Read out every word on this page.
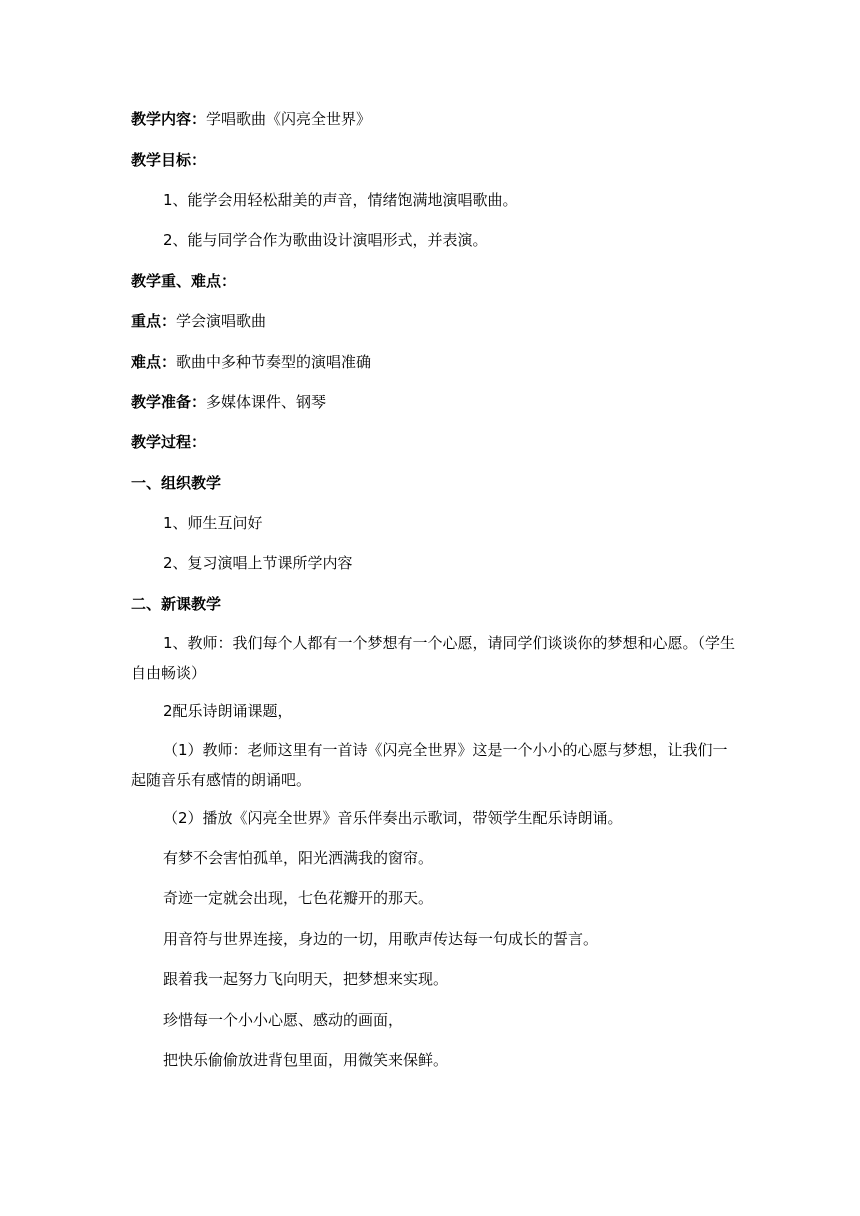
教学内容：学唱歌曲《闪亮全世界》
教学目标：
1、能学会用轻松甜美的声音，情绪饱满地演唱歌曲。
2、能与同学合作为歌曲设计演唱形式，并表演。
教学重、难点：
重点：学会演唱歌曲
难点：歌曲中多种节奏型的演唱准确
教学准备：多媒体课件、钢琴
教学过程：
一、组织教学
1、师生互问好
2、复习演唱上节课所学内容
二、新课教学
1、教师：我们每个人都有一个梦想有一个心愿，请同学们谈谈你的梦想和心愿。（学生自由畅谈）
2配乐诗朗诵课题，
（1）教师：老师这里有一首诗《闪亮全世界》这是一个小小的心愿与梦想，让我们一起随音乐有感情的朗诵吧。
（2）播放《闪亮全世界》音乐伴奏出示歌词，带领学生配乐诗朗诵。
有梦不会害怕孤单，阳光洒满我的窗帘。
奇迹一定就会出现，七色花瓣开的那天。
用音符与世界连接，身边的一切，用歌声传达每一句成长的誓言。
跟着我一起努力飞向明天，把梦想来实现。
珍惜每一个小小心愿、感动的画面，
把快乐偷偷放进背包里面，用微笑来保鲜。
